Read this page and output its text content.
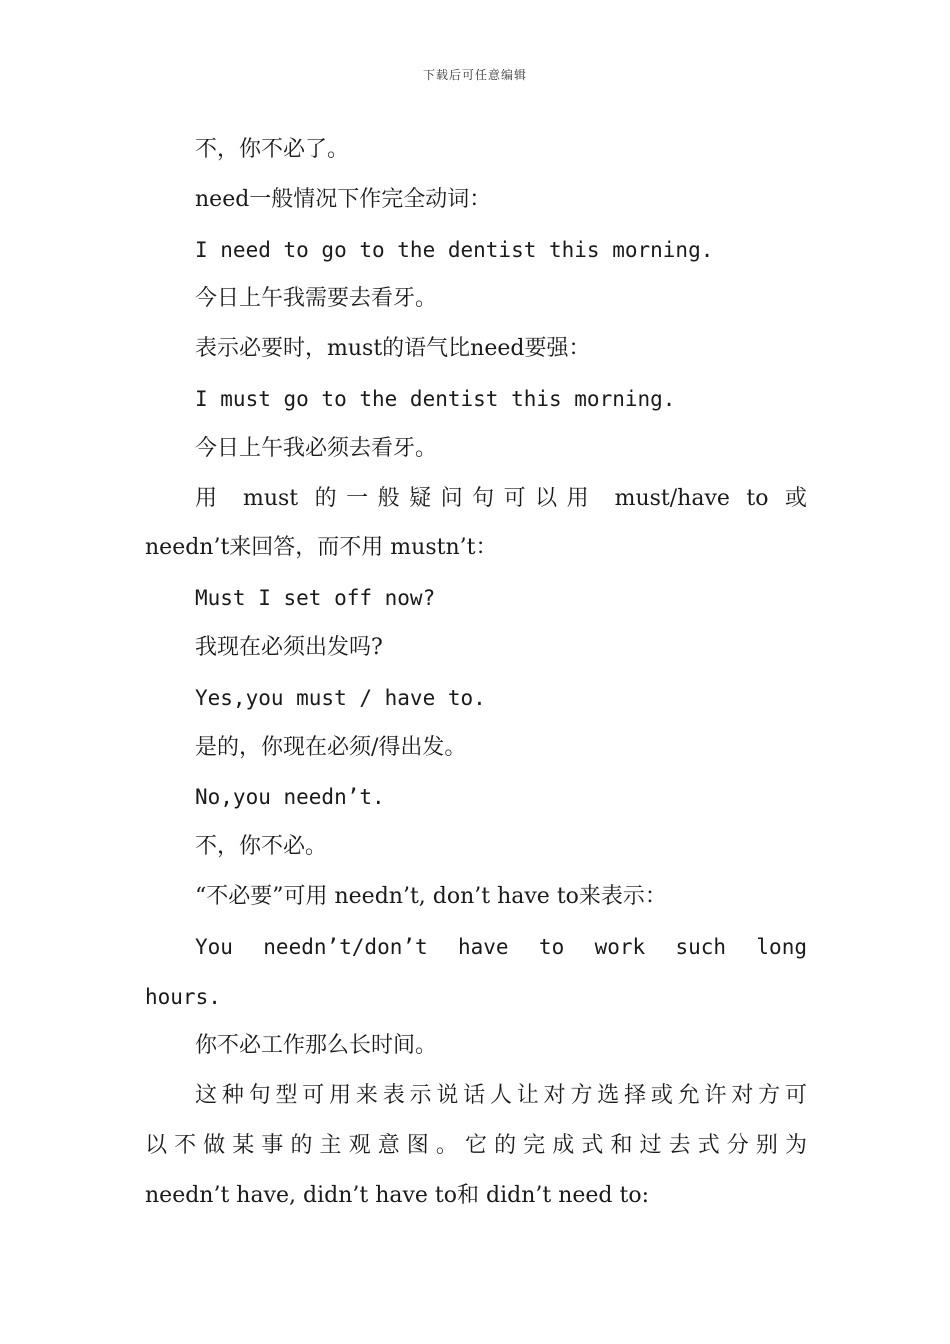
下载后可任意编辑
不，你不必了。
need一般情况下作完全动词：
I need to go to the dentist this morning.
今日上午我需要去看牙。
表示必要时，must的语气比need要强：
I must go to the dentist this morning.
今日上午我必须去看牙。
用 must 的一般疑问句可以用 must/have to 或
needn’t来回答，而不用 mustn’t：
Must I set off now?
我现在必须出发吗?
Yes,you must / have to.
是的，你现在必须/得出发。
No,you needn’t.
不，你不必。
“不必要”可用 needn’t, don’t have to来表示：
You needn’t/don’t have to work such long
hours.
你不必工作那么长时间。
这种句型可用来表示说话人让对方选择或允许对方可
以不做某事的主观意图。它的完成式和过去式分别为
needn’t have, didn’t have to和 didn’t need to:
